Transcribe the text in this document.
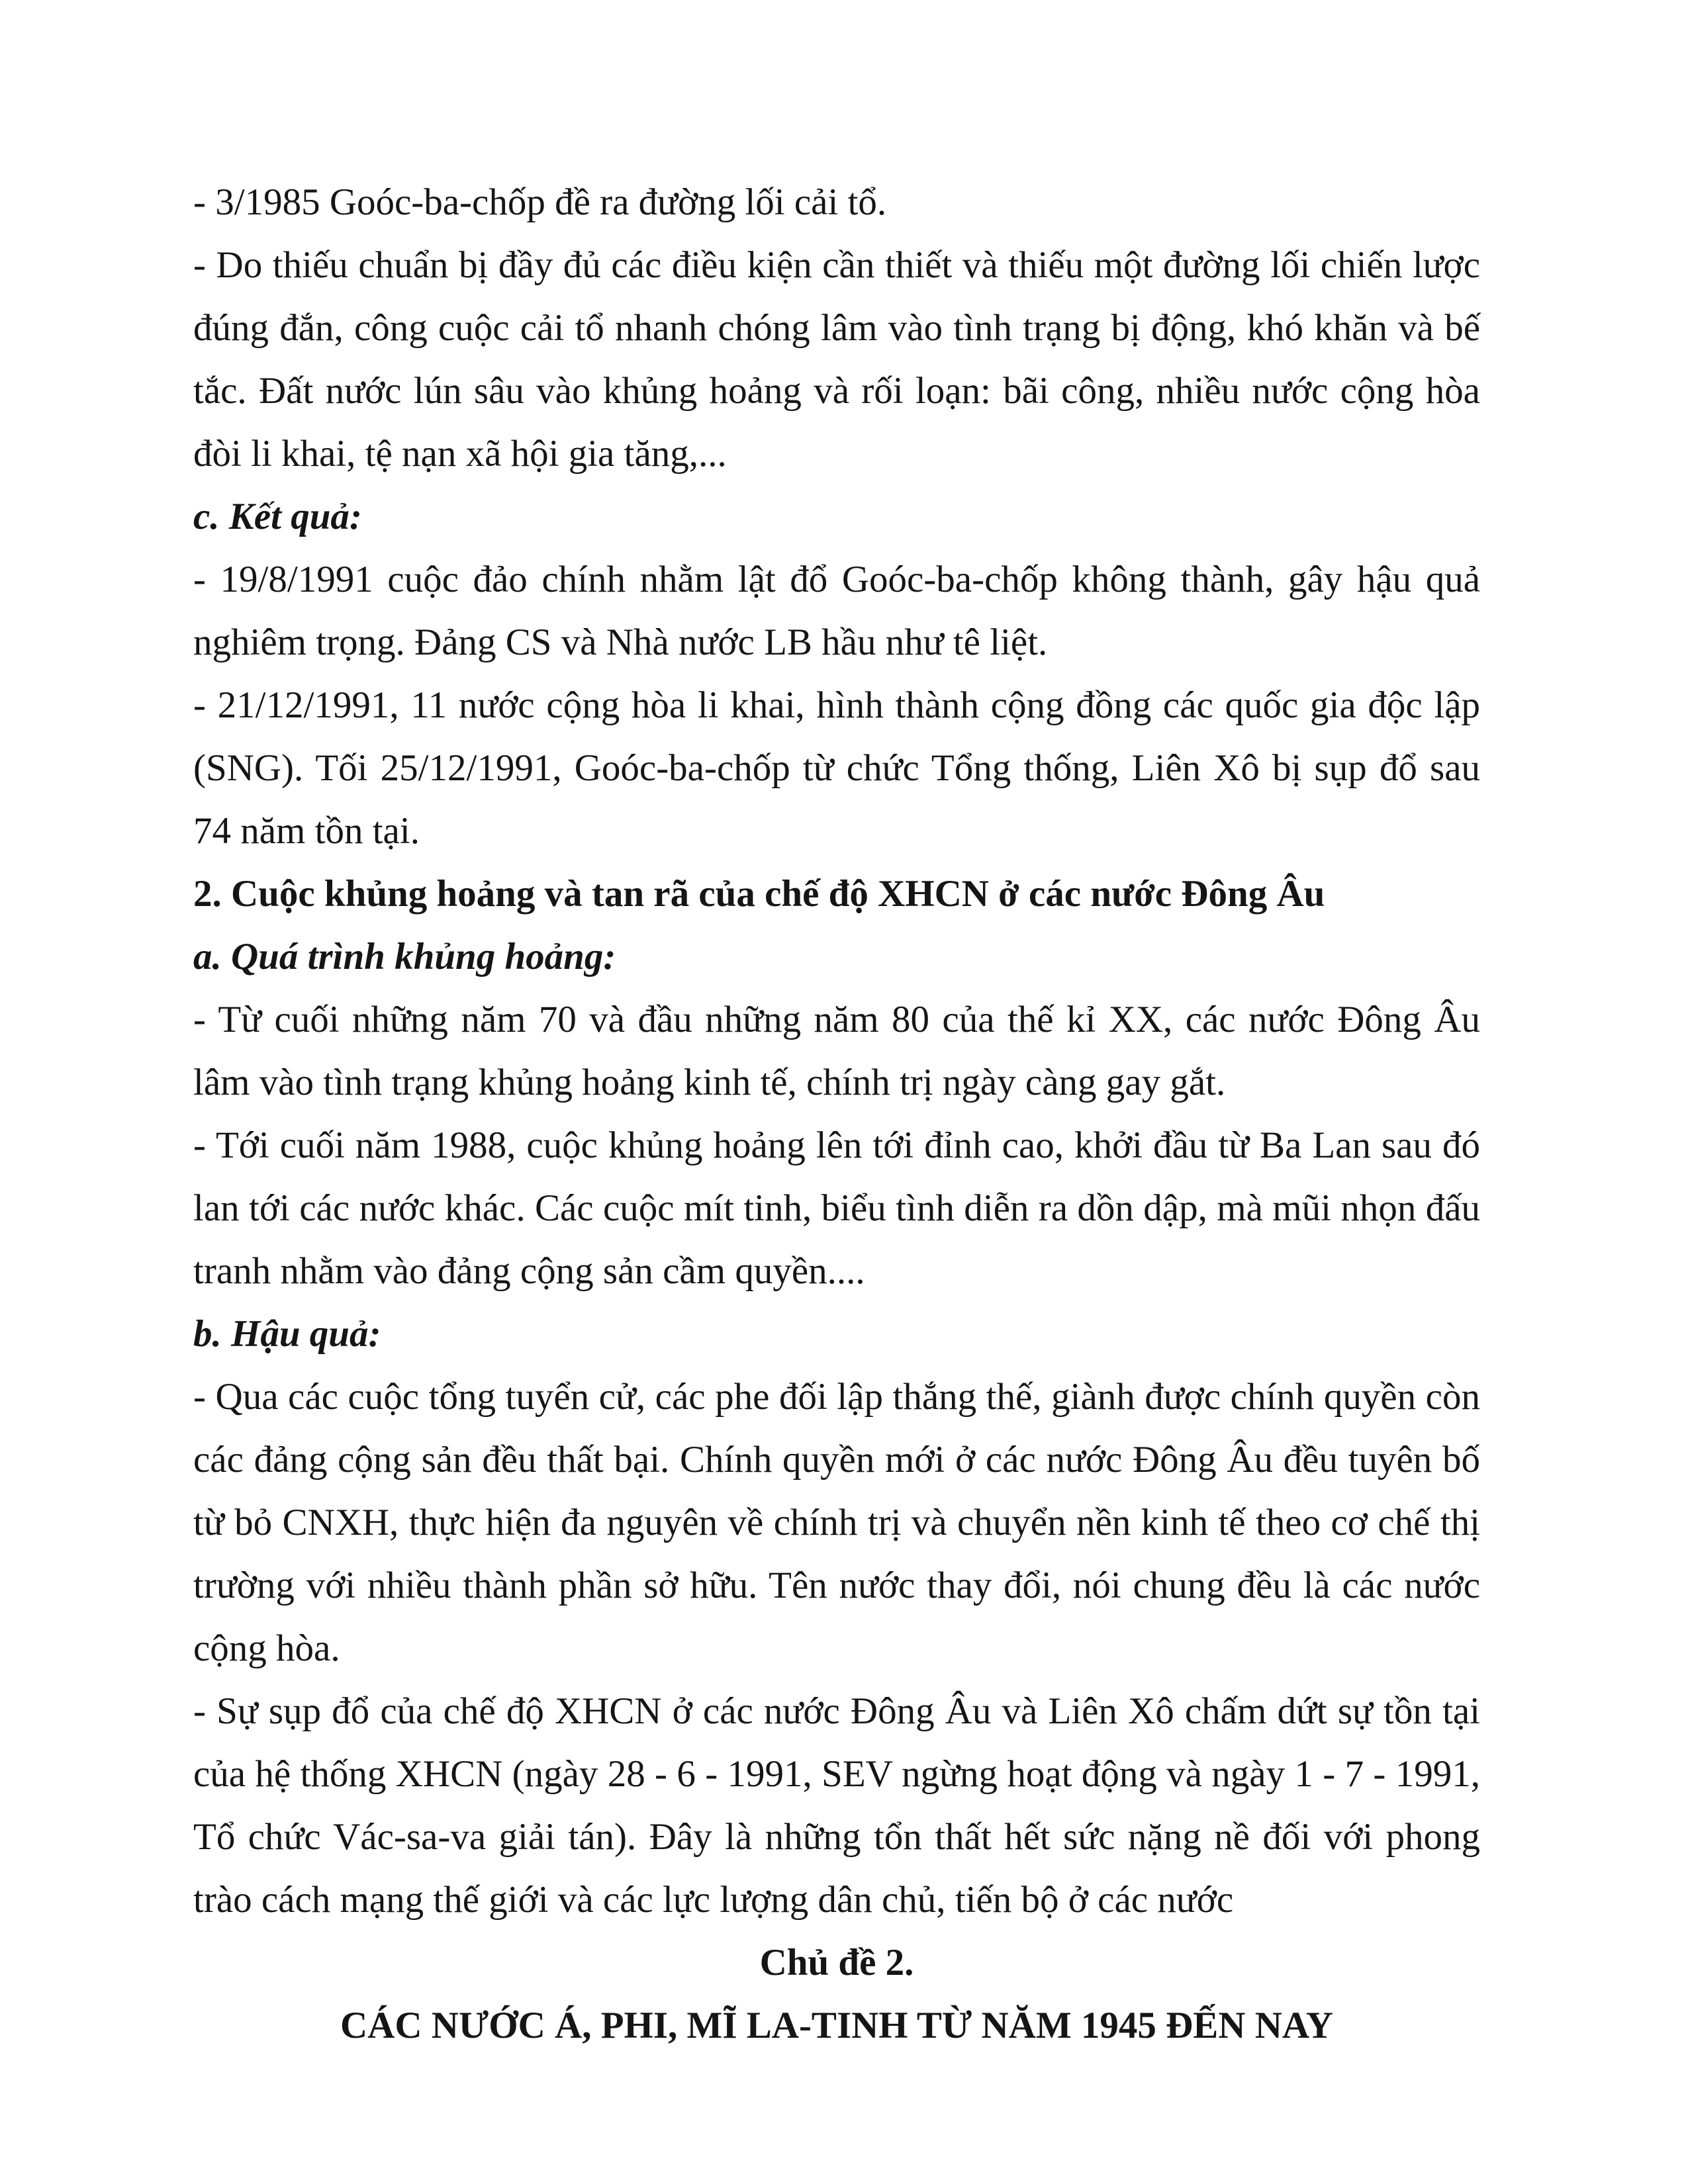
- 3/1985 Goóc-ba-chốp đề ra đường lối cải tổ.

- Do thiếu chuẩn bị đầy đủ các điều kiện cần thiết và thiếu một đường lối chiến lược đúng đắn, công cuộc cải tổ nhanh chóng lâm vào tình trạng bị động, khó khăn và bế tắc. Đất nước lún sâu vào khủng hoảng và rối loạn: bãi công, nhiều nước cộng hòa đòi li khai, tệ nạn xã hội gia tăng,...

c. Kết quả:

- 19/8/1991 cuộc đảo chính nhằm lật đổ Goóc-ba-chốp không thành, gây hậu quả nghiêm trọng. Đảng CS và Nhà nước LB hầu như tê liệt.

- 21/12/1991, 11 nước cộng hòa li khai, hình thành cộng đồng các quốc gia độc lập (SNG). Tối 25/12/1991, Goóc-ba-chốp từ chức Tổng thống, Liên Xô bị sụp đổ sau 74 năm tồn tại.

2. Cuộc khủng hoảng và tan rã của chế độ XHCN ở các nước Đông Âu

a. Quá trình khủng hoảng:

- Từ cuối những năm 70 và đầu những năm 80 của thế kỉ XX, các nước Đông Âu lâm vào tình trạng khủng hoảng kinh tế, chính trị ngày càng gay gắt.

- Tới cuối năm 1988, cuộc khủng hoảng lên tới đỉnh cao, khởi đầu từ Ba Lan sau đó lan tới các nước khác. Các cuộc mít tinh, biểu tình diễn ra dồn dập, mà mũi nhọn đấu tranh nhằm vào đảng cộng sản cầm quyền....

b. Hậu quả:

- Qua các cuộc tổng tuyển cử, các phe đối lập thắng thế, giành được chính quyền còn các đảng cộng sản đều thất bại. Chính quyền mới ở các nước Đông Âu đều tuyên bố từ bỏ CNXH, thực hiện đa nguyên về chính trị và chuyển nền kinh tế theo cơ chế thị trường với nhiều thành phần sở hữu. Tên nước thay đổi, nói chung đều là các nước cộng hòa.

- Sự sụp đổ của chế độ XHCN ở các nước Đông Âu và Liên Xô chấm dứt sự tồn tại của hệ thống XHCN (ngày 28 - 6 - 1991, SEV ngừng hoạt động và ngày 1 - 7 - 1991, Tổ chức Vác-sa-va giải tán). Đây là những tổn thất hết sức nặng nề đối với phong trào cách mạng thế giới và các lực lượng dân chủ, tiến bộ ở các nước

Chủ đề 2.

CÁC NƯỚC Á, PHI, MĨ LA-TINH TỪ NĂM 1945 ĐẾN NAY
